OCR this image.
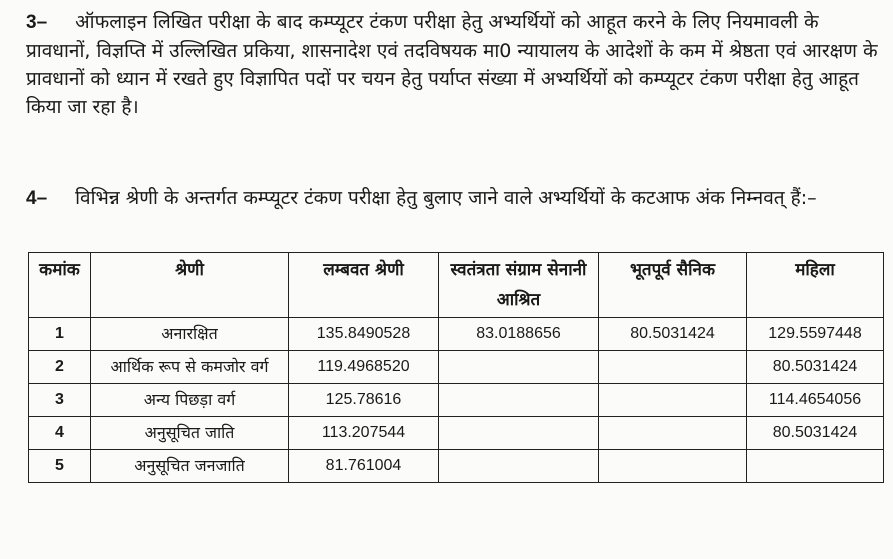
3– ऑफलाइन लिखित परीक्षा के बाद कम्प्यूटर टंकण परीक्षा हेतु अभ्यर्थियों को आहूत करने के लिए नियमावली के प्रावधानों, विज्ञप्ति में उल्लिखित प्रकिया, शासनादेश एवं तदविषयक मा0 न्यायालय के आदेशों के कम में श्रेष्ठता एवं आरक्षण के प्रावधानों को ध्यान में रखते हुए विज्ञापित पदों पर चयन हेतु पर्याप्त संख्या में अभ्यर्थियों को कम्प्यूटर टंकण परीक्षा हेतु आहूत किया जा रहा है।

4– विभिन्न श्रेणी के अन्तर्गत कम्प्यूटर टंकण परीक्षा हेतु बुलाए जाने वाले अभ्यर्थियों के कटआफ अंक निम्नवत् हैं:–

कमांक	श्रेणी	लम्बवत श्रेणी	स्वतंत्रता संग्राम सेनानी आश्रित	भूतपूर्व सैनिक	महिला
1	अनारक्षित	135.8490528	83.0188656	80.5031424	129.5597448
2	आर्थिक रूप से कमजोर वर्ग	119.4968520			80.5031424
3	अन्य पिछड़ा वर्ग	125.78616			114.4654056
4	अनुसूचित जाति	113.207544			80.5031424
5	अनुसूचित जनजाति	81.761004			
